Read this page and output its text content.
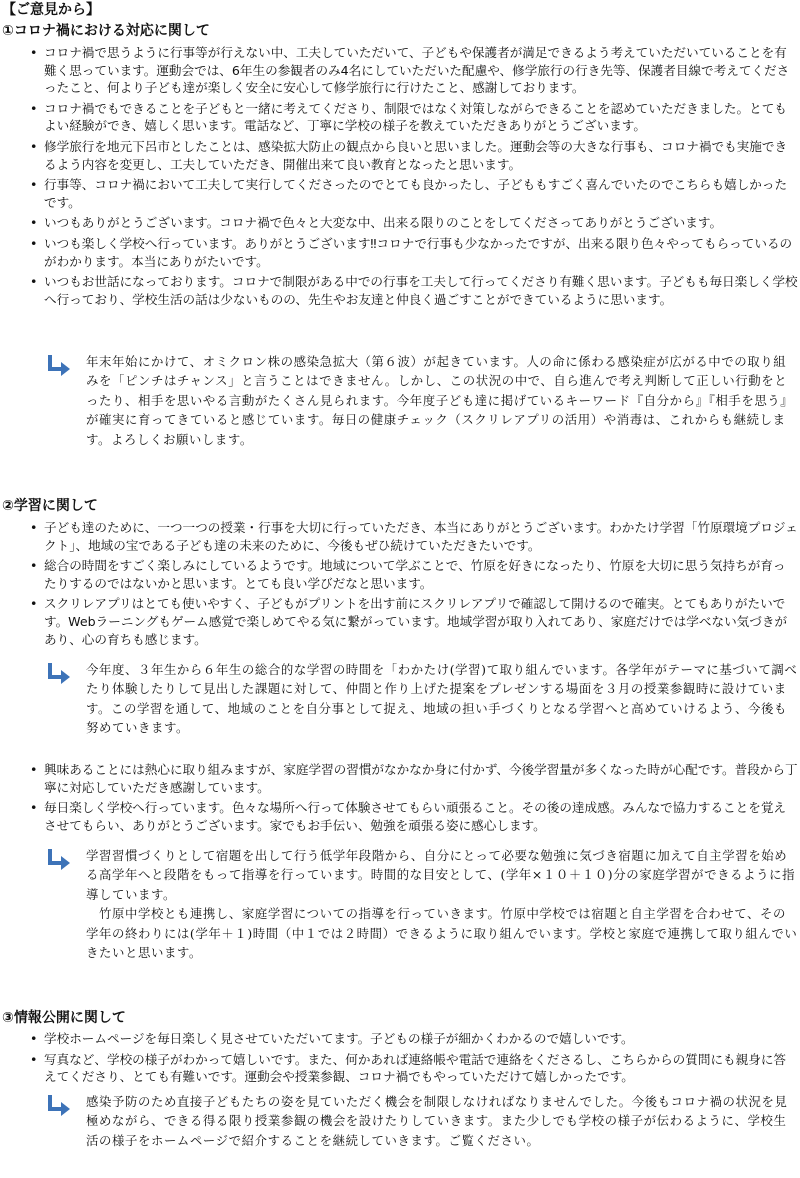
【ご意見から】
①コロナ禍における対応に関して
• コロナ禍で思うように行事等が行えない中、工夫していただいて、子どもや保護者が満足できるよう考えていただいていることを有難く思っています。運動会では、6年生の参観者のみ4名にしていただいた配慮や、修学旅行の行き先等、保護者目線で考えてくださったこと、何より子ども達が楽しく安全に安心して修学旅行に行けたこと、感謝しております。
• コロナ禍でもできることを子どもと一緒に考えてくださり、制限ではなく対策しながらできることを認めていただきました。とてもよい経験ができ、嬉しく思います。電話など、丁寧に学校の様子を教えていただきありがとうございます。
• 修学旅行を地元下呂市としたことは、感染拡大防止の観点から良いと思いました。運動会等の大きな行事も、コロナ禍でも実施できるよう内容を変更し、工夫していただき、開催出来て良い教育となったと思います。
• 行事等、コロナ禍において工夫して実行してくださったのでとても良かったし、子どももすごく喜んでいたのでこちらも嬉しかったです。
• いつもありがとうございます。コロナ禍で色々と大変な中、出来る限りのことをしてくださってありがとうございます。
• いつも楽しく学校へ行っています。ありがとうございます‼コロナで行事も少なかったですが、出来る限り色々やってもらっているのがわかります。本当にありがたいです。
• いつもお世話になっております。コロナで制限がある中での行事を工夫して行ってくださり有難く思います。子どもも毎日楽しく学校へ行っており、学校生活の話は少ないものの、先生やお友達と仲良く過ごすことができているように思います。
年末年始にかけて、オミクロン株の感染急拡大（第６波）が起きています。人の命に係わる感染症が広がる中での取り組みを「ピンチはチャンス」と言うことはできません。しかし、この状況の中で、自ら進んで考え判断して正しい行動をとったり、相手を思いやる言動がたくさん見られます。今年度子ども達に掲げているキーワード『自分から』『相手を思う』が確実に育ってきていると感じています。毎日の健康チェック（スクリレアプリの活用）や消毒は、これからも継続します。よろしくお願いします。
②学習に関して
• 子ども達のために、一つ一つの授業・行事を大切に行っていただき、本当にありがとうございます。わかたけ学習「竹原環境プロジェクト」、地域の宝である子ども達の未来のために、今後もぜひ続けていただきたいです。
• 総合の時間をすごく楽しみにしているようです。地域について学ぶことで、竹原を好きになったり、竹原を大切に思う気持ちが育ったりするのではないかと思います。とても良い学びだなと思います。
• スクリレアプリはとても使いやすく、子どもがプリントを出す前にスクリレアプリで確認して開けるので確実。とてもありがたいです。Webラーニングもゲーム感覚で楽しめてやる気に繋がっています。地域学習が取り入れてあり、家庭だけでは学べない気づきがあり、心の育ちも感じます。
今年度、３年生から６年生の総合的な学習の時間を「わかたけ(学習)て取り組んでいます。各学年がテーマに基づいて調べたり体験したりして見出した課題に対して、仲間と作り上げた提案をプレゼンする場面を３月の授業参観時に設けています。この学習を通して、地域のことを自分事として捉え、地域の担い手づくりとなる学習へと高めていけるよう、今後も努めていきます。
• 興味あることには熱心に取り組みますが、家庭学習の習慣がなかなか身に付かず、今後学習量が多くなった時が心配です。普段から丁寧に対応していただき感謝しています。
• 毎日楽しく学校へ行っています。色々な場所へ行って体験させてもらい頑張ること。その後の達成感。みんなで協力することを覚えさせてもらい、ありがとうございます。家でもお手伝い、勉強を頑張る姿に感心します。
学習習慣づくりとして宿題を出して行う低学年段階から、自分にとって必要な勉強に気づき宿題に加えて自主学習を始める高学年へと段階をもって指導を行っています。時間的な目安として、(学年×１０＋１０)分の家庭学習ができるように指導しています。
　竹原中学校とも連携し、家庭学習についての指導を行っていきます。竹原中学校では宿題と自主学習を合わせて、その学年の終わりには(学年＋１)時間（中１では２時間）できるように取り組んでいます。学校と家庭で連携して取り組んでいきたいと思います。
③情報公開に関して
• 学校ホームページを毎日楽しく見させていただいてます。子どもの様子が細かくわかるので嬉しいです。
• 写真など、学校の様子がわかって嬉しいです。また、何かあれば連絡帳や電話で連絡をくださるし、こちらからの質問にも親身に答えてくださり、とても有難いです。運動会や授業参観、コロナ禍でもやっていただけて嬉しかったです。
感染予防のため直接子どもたちの姿を見ていただく機会を制限しなければなりませんでした。今後もコロナ禍の状況を見極めながら、できる得る限り授業参観の機会を設けたりしていきます。また少しでも学校の様子が伝わるように、学校生活の様子をホームページで紹介することを継続していきます。ご覧ください。
